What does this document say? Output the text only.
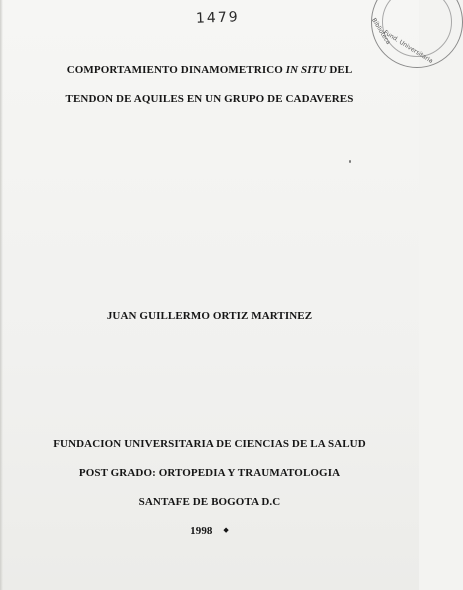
1479	Biblioteca
Fund. Universitaria
COMPORTAMIENTO DINAMOMETRICO IN SITU DEL
TENDON DE AQUILES EN UN GRUPO DE CADAVERES
JUAN GUILLERMO ORTIZ MARTINEZ
FUNDACION UNIVERSITARIA DE CIENCIAS DE LA SALUD
POST GRADO: ORTOPEDIA Y TRAUMATOLOGIA
SANTAFE DE BOGOTA D.C
1998 ◆
